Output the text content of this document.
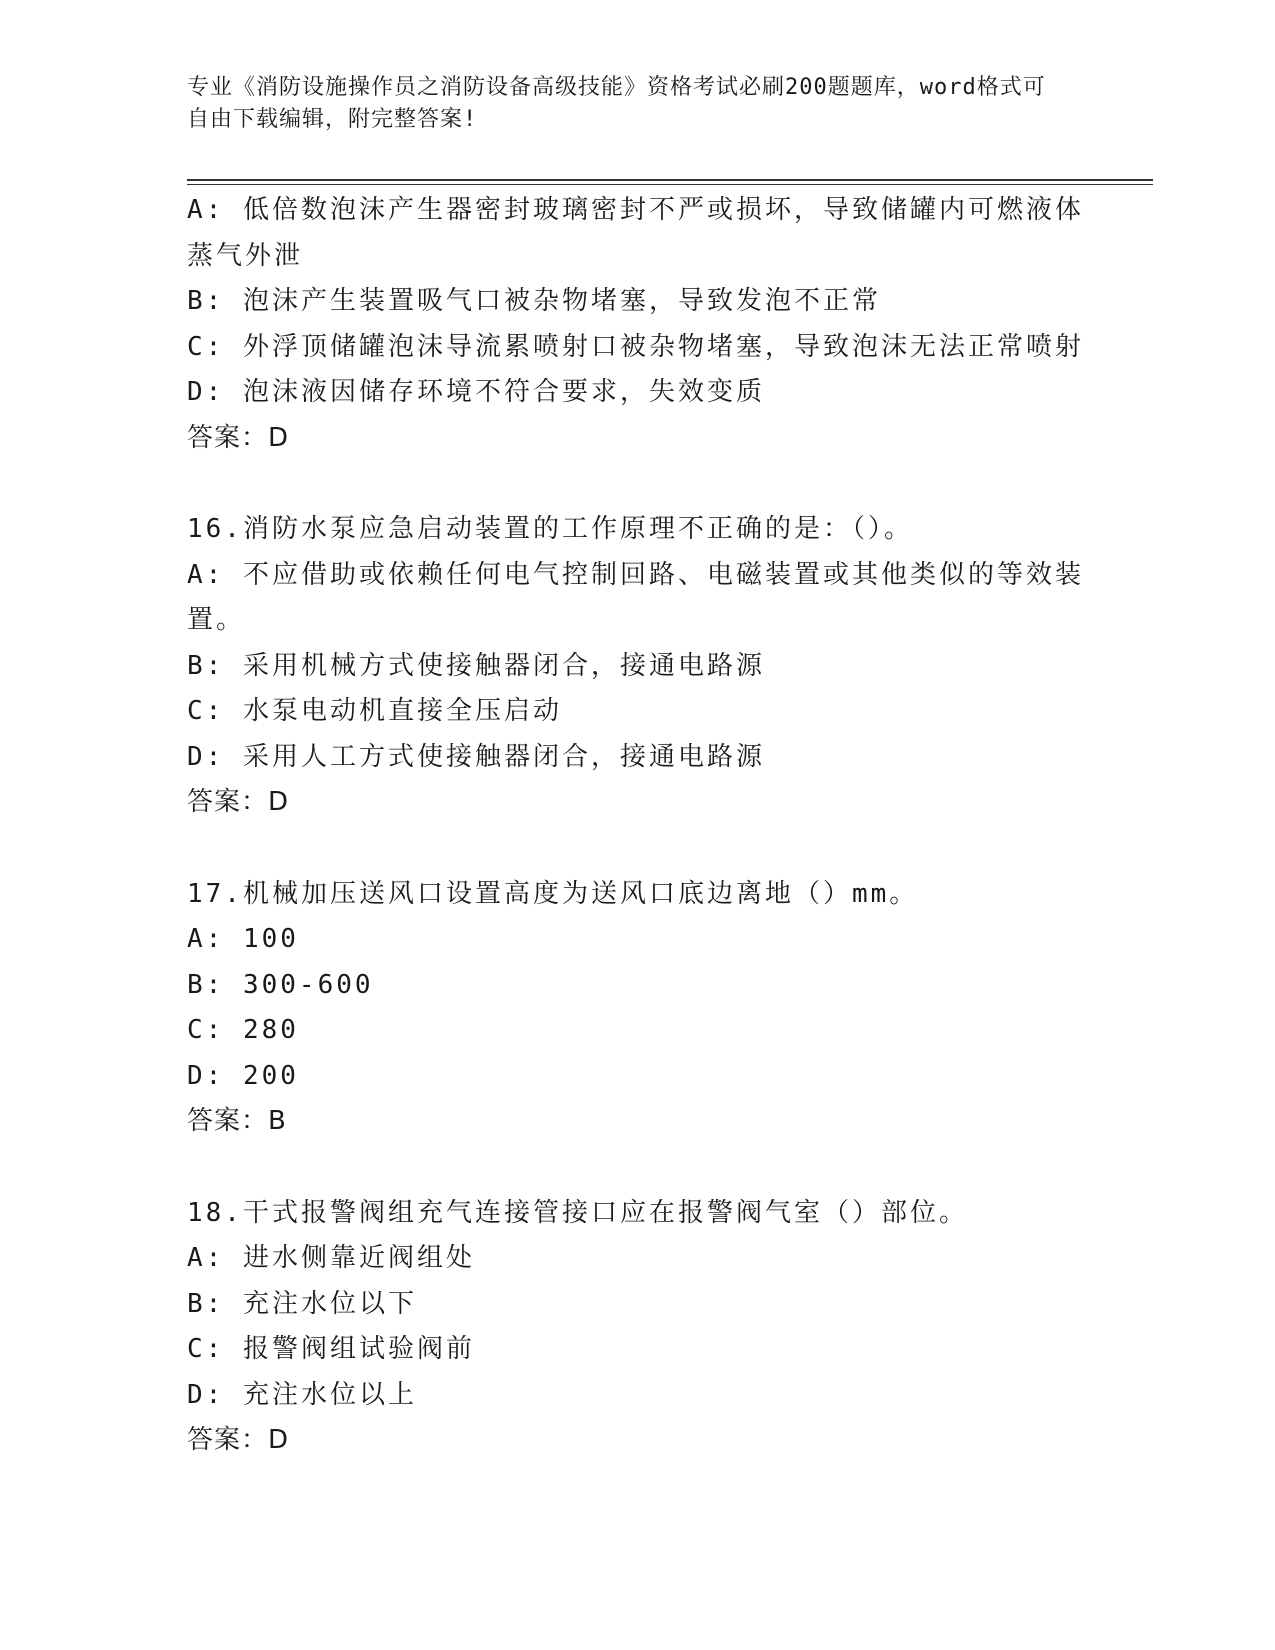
专业《消防设施操作员之消防设备高级技能》资格考试必刷200题题库，word格式可自由下载编辑，附完整答案!
A: 低倍数泡沫产生器密封玻璃密封不严或损坏，导致储罐内可燃液体蒸气外泄
B: 泡沫产生装置吸气口被杂物堵塞，导致发泡不正常
C: 外浮顶储罐泡沫导流累喷射口被杂物堵塞，导致泡沫无法正常喷射
D: 泡沫液因储存环境不符合要求，失效变质
答案：D
16.消防水泵应急启动装置的工作原理不正确的是：（）。
A: 不应借助或依赖任何电气控制回路、电磁装置或其他类似的等效装置。
B: 采用机械方式使接触器闭合，接通电路源
C: 水泵电动机直接全压启动
D: 采用人工方式使接触器闭合，接通电路源
答案：D
17.机械加压送风口设置高度为送风口底边离地（）mm。
A: 100
B: 300-600
C: 280
D: 200
答案：B
18.干式报警阀组充气连接管接口应在报警阀气室（）部位。
A: 进水侧靠近阀组处
B: 充注水位以下
C: 报警阀组试验阀前
D: 充注水位以上
答案：D
